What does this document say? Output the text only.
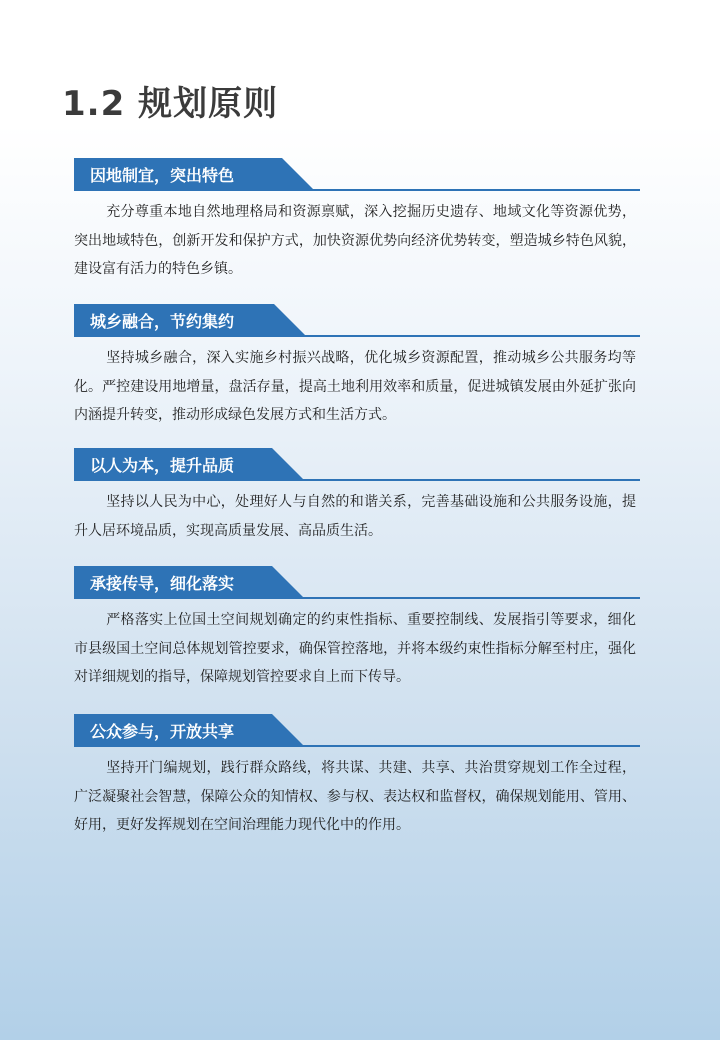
1.2 规划原则
因地制宜，突出特色

充分尊重本地自然地理格局和资源禀赋，深入挖掘历史遗存、地域文化等资源优势，突出地域特色，创新开发和保护方式，加快资源优势向经济优势转变，塑造城乡特色风貌，建设富有活力的特色乡镇。

城乡融合，节约集约

坚持城乡融合，深入实施乡村振兴战略，优化城乡资源配置，推动城乡公共服务均等化。严控建设用地增量，盘活存量，提高土地利用效率和质量，促进城镇发展由外延扩张向内涵提升转变，推动形成绿色发展方式和生活方式。

以人为本，提升品质

坚持以人民为中心，处理好人与自然的和谐关系，完善基础设施和公共服务设施，提升人居环境品质，实现高质量发展、高品质生活。

承接传导，细化落实

严格落实上位国土空间规划确定的约束性指标、重要控制线、发展指引等要求，细化市县级国土空间总体规划管控要求，确保管控落地，并将本级约束性指标分解至村庄，强化对详细规划的指导，保障规划管控要求自上而下传导。

公众参与，开放共享

坚持开门编规划，践行群众路线，将共谋、共建、共享、共治贯穿规划工作全过程，广泛凝聚社会智慧，保障公众的知情权、参与权、表达权和监督权，确保规划能用、管用、好用，更好发挥规划在空间治理能力现代化中的作用。
